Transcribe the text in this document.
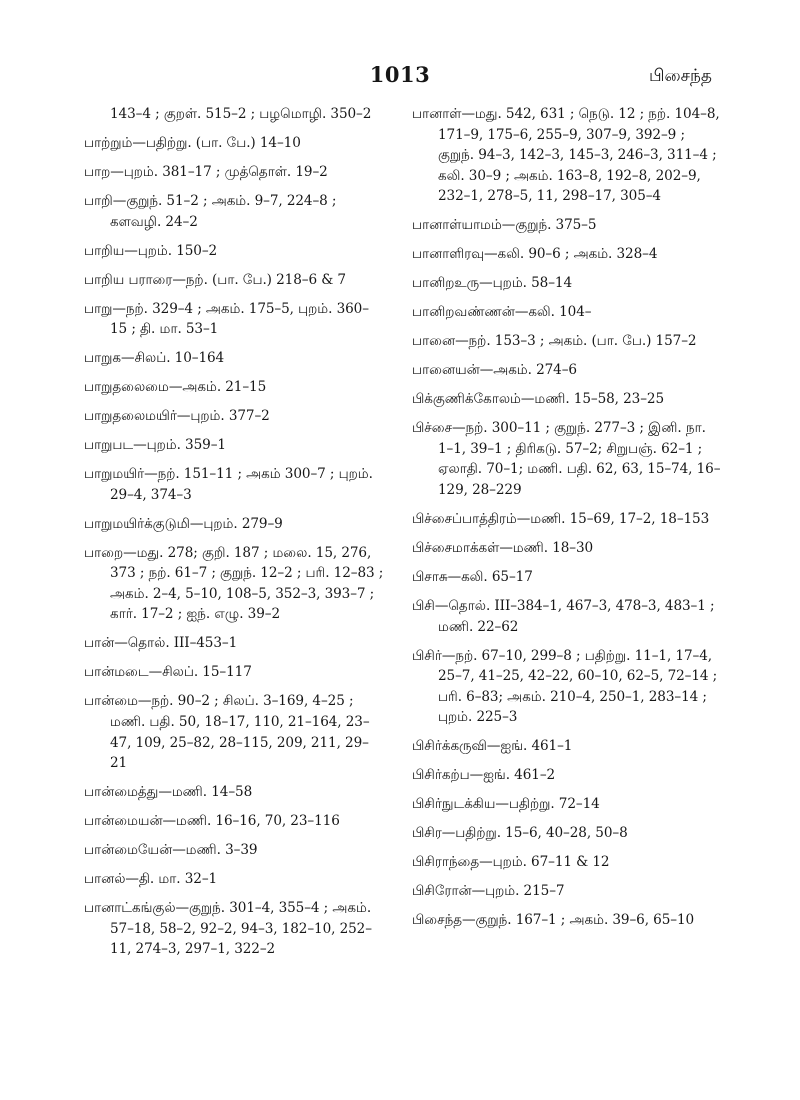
1013	பிசைந்த
143–4 ; குறள். 515–2 ; பழமொழி. 350–2
பாற்றும்—பதிற்று. (பா. பே.) 14–10
பாற—புறம். 381–17 ; முத்தொள். 19–2
பாறி—குறுந். 51–2 ; அகம். 9–7, 224–8 ; களவழி. 24–2
பாறிய—புறம். 150–2
பாறிய பராரை—நற். (பா. பே.) 218–6 & 7
பாறு—நற். 329–4 ; அகம். 175–5, புறம். 360–15 ; தி. மா. 53–1
பாறுக—சிலப். 10–164
பாறுதலைமை—அகம். 21–15
பாறுதலைமயிர்—புறம். 377–2
பாறுபட—புறம். 359–1
பாறுமயிர்—நற். 151–11 ; அகம் 300–7 ; புறம். 29–4, 374–3
பாறுமயிர்க்குடுமி—புறம். 279–9
பாறை—மது. 278; குறி. 187 ; மலை. 15, 276, 373 ; நற். 61–7 ; குறுந். 12–2 ; பரி. 12–83 ; அகம். 2–4, 5–10, 108–5, 352–3, 393–7 ; கார். 17–2 ; ஐந். எழு. 39–2
பான்—தொல். III–453–1
பான்மடை—சிலப். 15–117
பான்மை—நற். 90–2 ; சிலப். 3–169, 4–25 ; மணி. பதி. 50, 18–17, 110, 21–164, 23–47, 109, 25–82, 28–115, 209, 211, 29–21
பான்மைத்து—மணி. 14–58
பான்மையன்—மணி. 16–16, 70, 23–116
பான்மையேன்—மணி. 3–39
பானல்—தி. மா. 32–1
பானாட்கங்குல்—குறுந். 301–4, 355–4 ; அகம். 57–18, 58–2, 92–2, 94–3, 182–10, 252–11, 274–3, 297–1, 322–2
பானாள்—மது. 542, 631 ; நெடு. 12 ; நற். 104–8, 171–9, 175–6, 255–9, 307–9, 392–9 ; குறுந். 94–3, 142–3, 145–3, 246–3, 311–4 ; கலி. 30–9 ; அகம். 163–8, 192–8, 202–9, 232–1, 278–5, 11, 298–17, 305–4
பானாள்யாமம்—குறுந். 375–5
பானாளிரவு—கலி. 90–6 ; அகம். 328–4
பானிறஉரு—புறம். 58–14
பானிறவண்ணன்—கலி. 104–
பானை—நற். 153–3 ; அகம். (பா. பே.) 157–2
பானையன்—அகம். 274–6
பிக்குணிக்கோலம்—மணி. 15–58, 23–25
பிச்சை—நற். 300–11 ; குறுந். 277–3 ; இனி. நா. 1–1, 39–1 ; திரிகடு. 57–2; சிறுபஞ். 62–1 ; ஏலாதி. 70–1; மணி. பதி. 62, 63, 15–74, 16–129, 28–229
பிச்சைப்பாத்திரம்—மணி. 15–69, 17–2, 18–153
பிச்சைமாக்கள்—மணி. 18–30
பிசாசு—கலி. 65–17
பிசி—தொல். III–384–1, 467–3, 478–3, 483–1 ; மணி. 22–62
பிசிர்—நற். 67–10, 299–8 ; பதிற்று. 11–1, 17–4, 25–7, 41–25, 42–22, 60–10, 62–5, 72–14 ; பரி. 6–83; அகம். 210–4, 250–1, 283–14 ; புறம். 225–3
பிசிர்க்கருவி—ஐங். 461–1
பிசிர்கற்ப—ஐங். 461–2
பிசிர்நுடக்கிய—பதிற்று. 72–14
பிசிர—பதிற்று. 15–6, 40–28, 50–8
பிசிராந்தை—புறம். 67–11 & 12
பிசிரோன்—புறம். 215–7
பிசைந்த—குறுந். 167–1 ; அகம். 39–6, 65–10
